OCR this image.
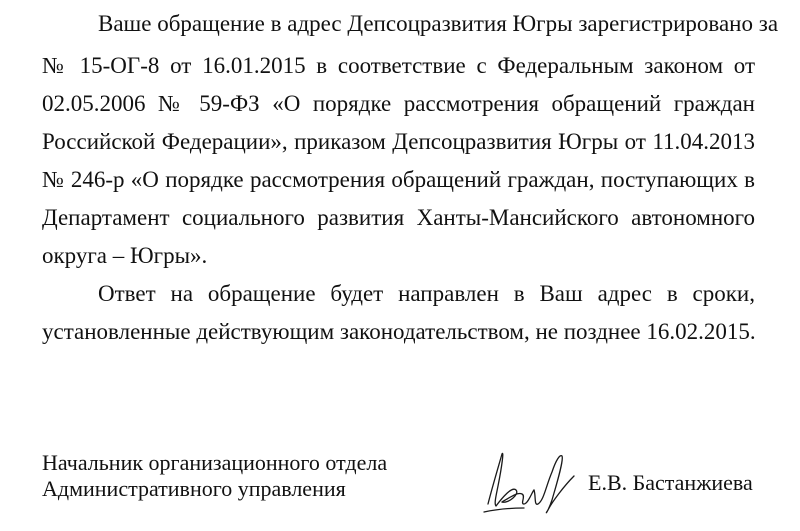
Ваше обращение в адрес Депсоцразвития Югры зарегистрировано за
№ 15-ОГ-8 от 16.01.2015 в соответствие с Федеральным законом от
02.05.2006 № 59-ФЗ «О порядке рассмотрения обращений граждан
Российской Федерации», приказом Депсоцразвития Югры от 11.04.2013
№ 246-р «О порядке рассмотрения обращений граждан, поступающих в
Департамент социального развития Ханты-Мансийского автономного
округа – Югры».
Ответ на обращение будет направлен в Ваш адрес в сроки,
установленные действующим законодательством, не позднее 16.02.2015.
Начальник организационного отдела
Административного управления	Е.В. Бастанжиева
